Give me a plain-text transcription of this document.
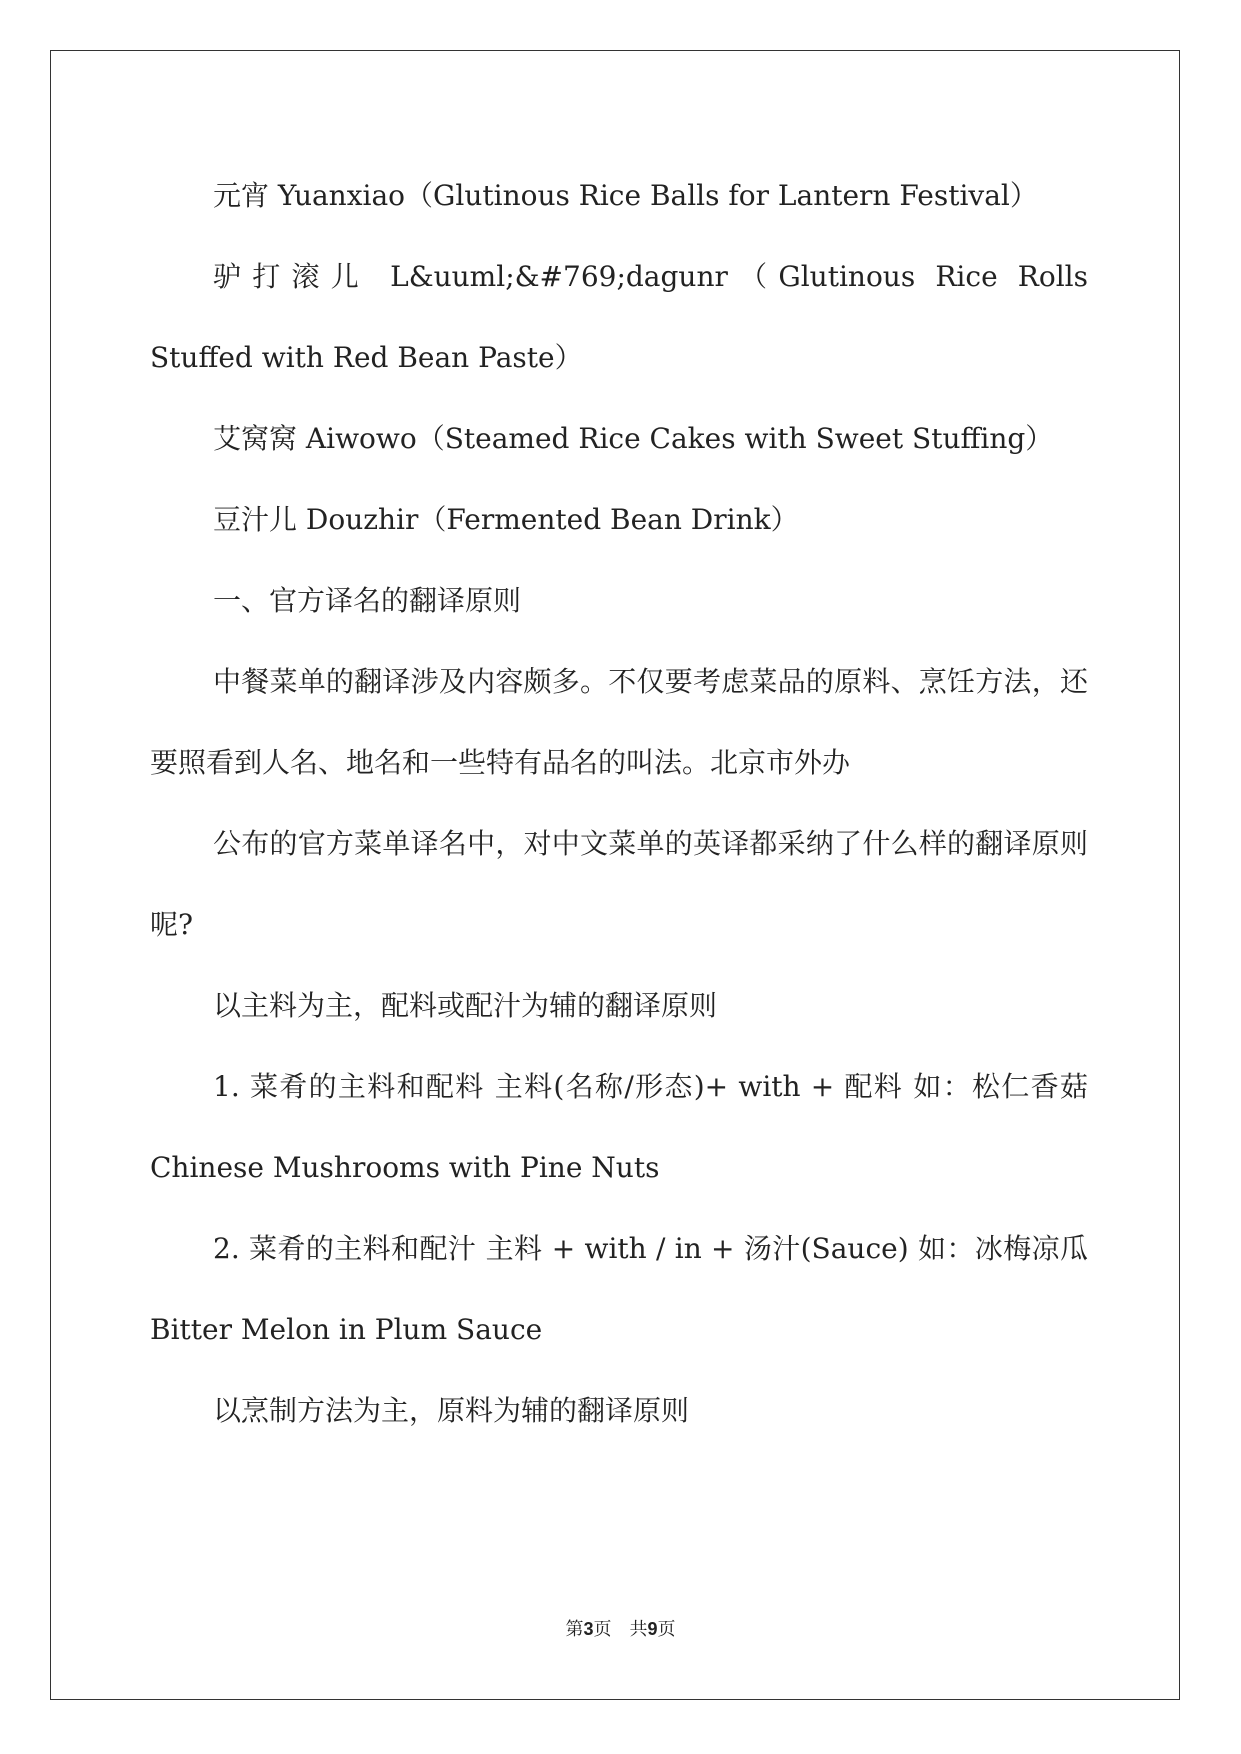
元宵 Yuanxiao（Glutinous Rice Balls for Lantern Festival）

驴打滚儿 L&uuml;&#769;dagunr（Glutinous Rice Rolls Stuffed with Red Bean Paste）

艾窝窝 Aiwowo（Steamed Rice Cakes with Sweet Stuffing）

豆汁儿 Douzhir（Fermented Bean Drink）

一、官方译名的翻译原则

中餐菜单的翻译涉及内容颇多。不仅要考虑菜品的原料、烹饪方法，还要照看到人名、地名和一些特有品名的叫法。北京市外办

公布的官方菜单译名中，对中文菜单的英译都采纳了什么样的翻译原则呢?

以主料为主，配料或配汁为辅的翻译原则

1. 菜肴的主料和配料 主料(名称/形态)+ with + 配料 如：松仁香菇 Chinese Mushrooms with Pine Nuts

2. 菜肴的主料和配汁 主料 + with / in + 汤汁(Sauce) 如：冰梅凉瓜 Bitter Melon in Plum Sauce

以烹制方法为主，原料为辅的翻译原则

第3页　共9页
